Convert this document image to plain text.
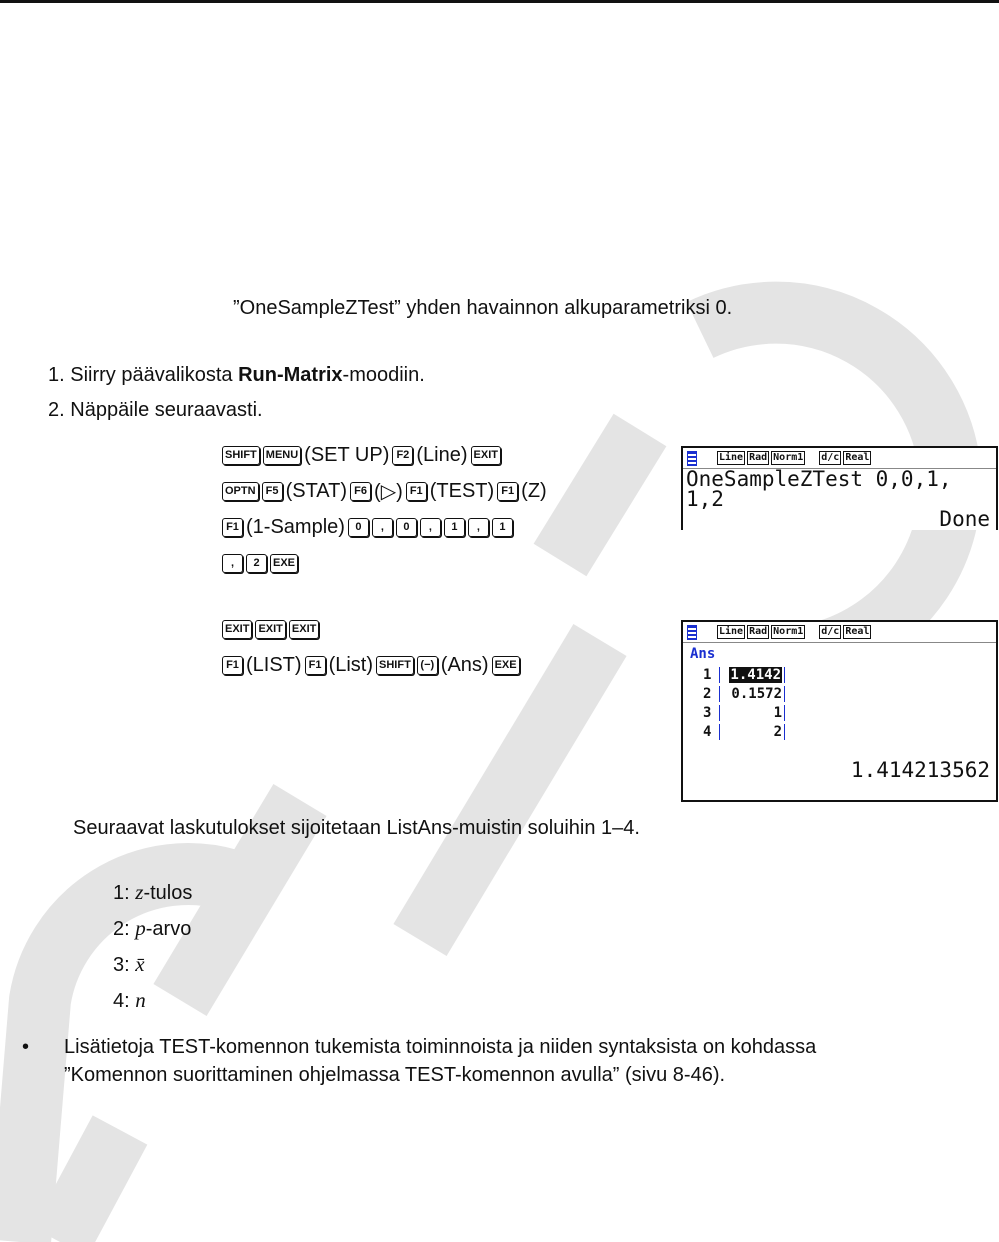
”OneSampleZTest” yhden havainnon alkuparametriksi 0.
1. Siirry päävalikosta Run-Matrix-moodiin.
2. Näppäile seuraavasti.
SHIFT MENU (SET UP) F2 (Line) EXIT
OPTN F5 (STAT) F6 (▷) F1 (TEST) F1 (Z)
F1 (1-Sample) 0	,	0	,	1	,	1
,	2	EXE
EXIT EXIT EXIT
F1 (LIST) F1 (List) SHIFT (−) (Ans) EXE
Line Rad Norm1 d/c Real
OneSampleZTest 0,0,1,
1,2
Done
Line Rad Norm1 d/c Real
Ans
1	1.4142
2	0.1572
3	1
4	2
1.414213562
Seuraavat laskutulokset sijoitetaan ListAns-muistin soluihin 1–4.
1: z-tulos
2: p-arvo
3: x̄
4: n
• Lisätietoja TEST-komennon tukemista toiminnoista ja niiden syntaksista on kohdassa
”Komennon suorittaminen ohjelmassa TEST-komennon avulla” (sivu 8-46).
